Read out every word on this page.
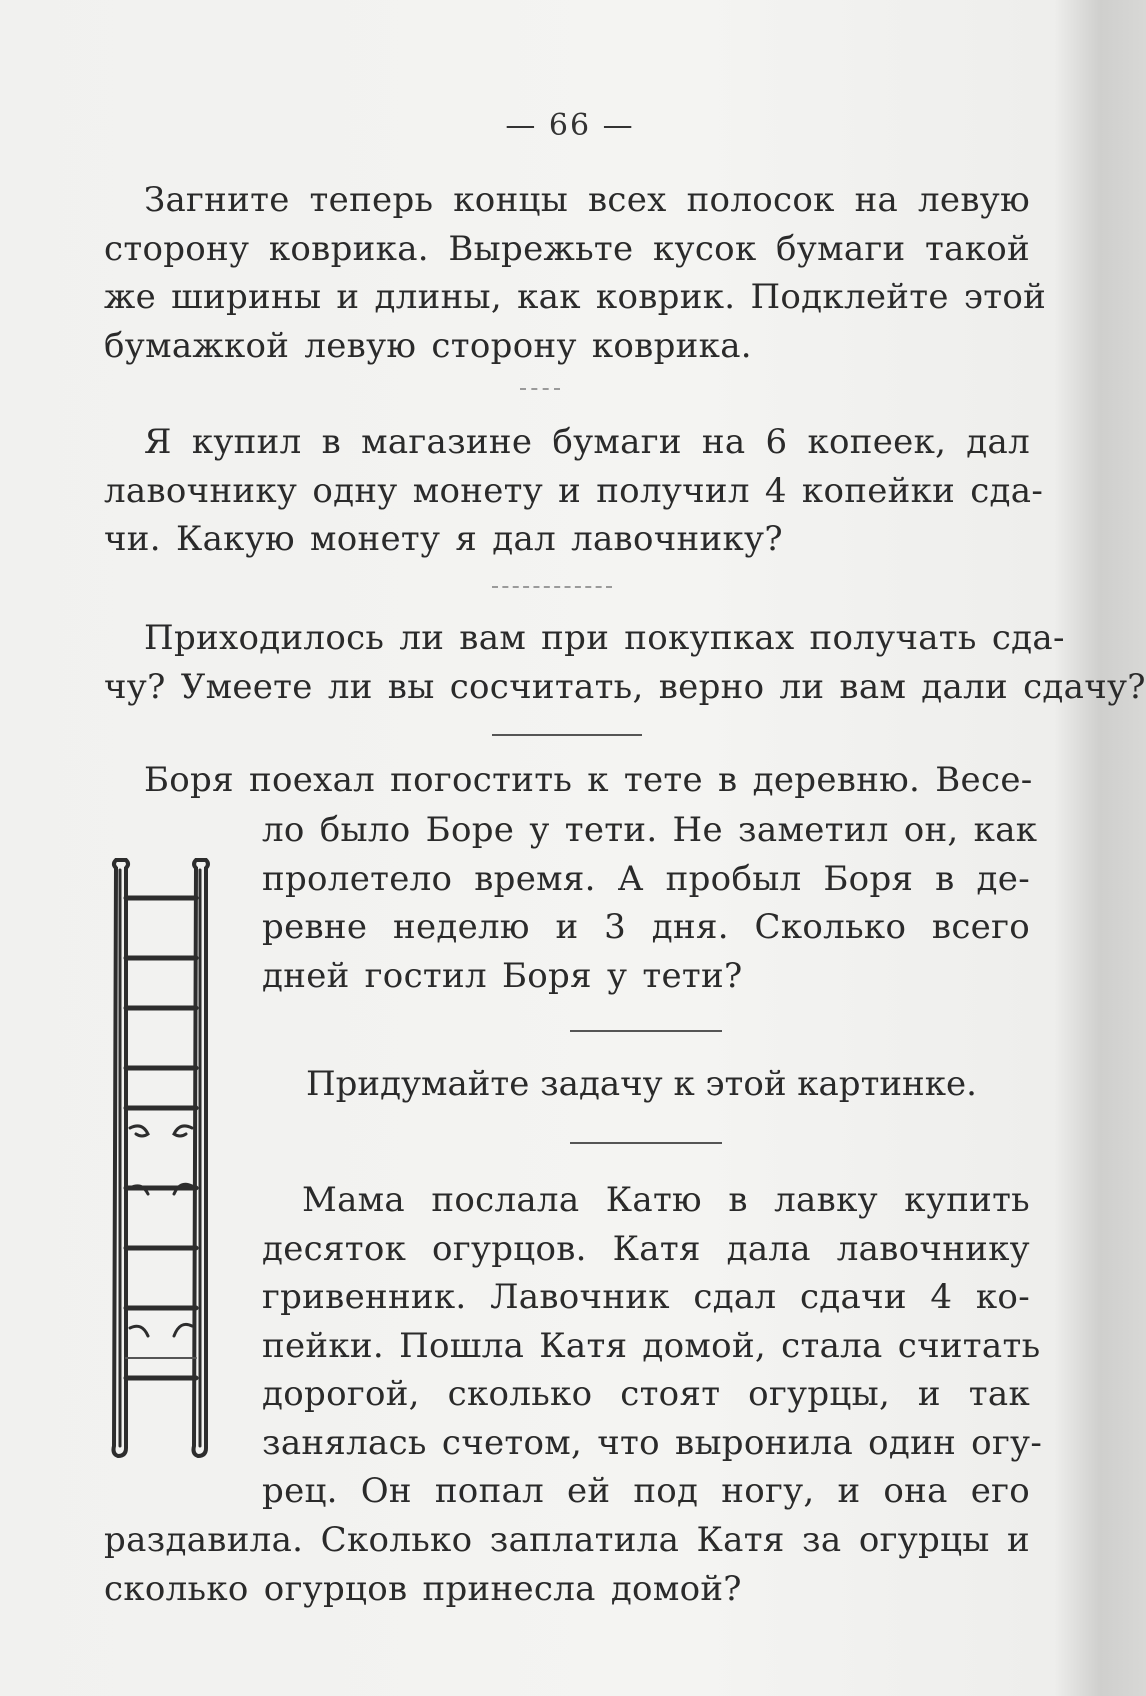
— 66 —
Загните теперь концы всех полосок на левую
сторону коврика. Вырежьте кусок бумаги такой
же ширины и длины, как коврик. Подклейте этой
бумажкой левую сторону коврика.
Я купил в магазине бумаги на 6 копеек, дал
лавочнику одну монету и получил 4 копейки сда-
чи. Какую монету я дал лавочнику?
Приходилось ли вам при покупках получать сда-
чу? Умеете ли вы сосчитать, верно ли вам дали сдачу?
Боря поехал погостить к тете в деревню. Весе-
ло было Боре у тети. Не заметил он, как
пролетело время. А пробыл Боря в де-
ревне неделю и 3 дня. Сколько всего
дней гостил Боря у тети?
Придумайте задачу к этой картинке.
Мама послала Катю в лавку купить
десяток огурцов. Катя дала лавочнику
гривенник. Лавочник сдал сдачи 4 ко-
пейки. Пошла Катя домой, стала считать
дорогой, сколько стоят огурцы, и так
занялась счетом, что выронила один огу-
рец. Он попал ей под ногу, и она его
раздавила. Сколько заплатила Катя за огурцы и
сколько огурцов принесла домой?
